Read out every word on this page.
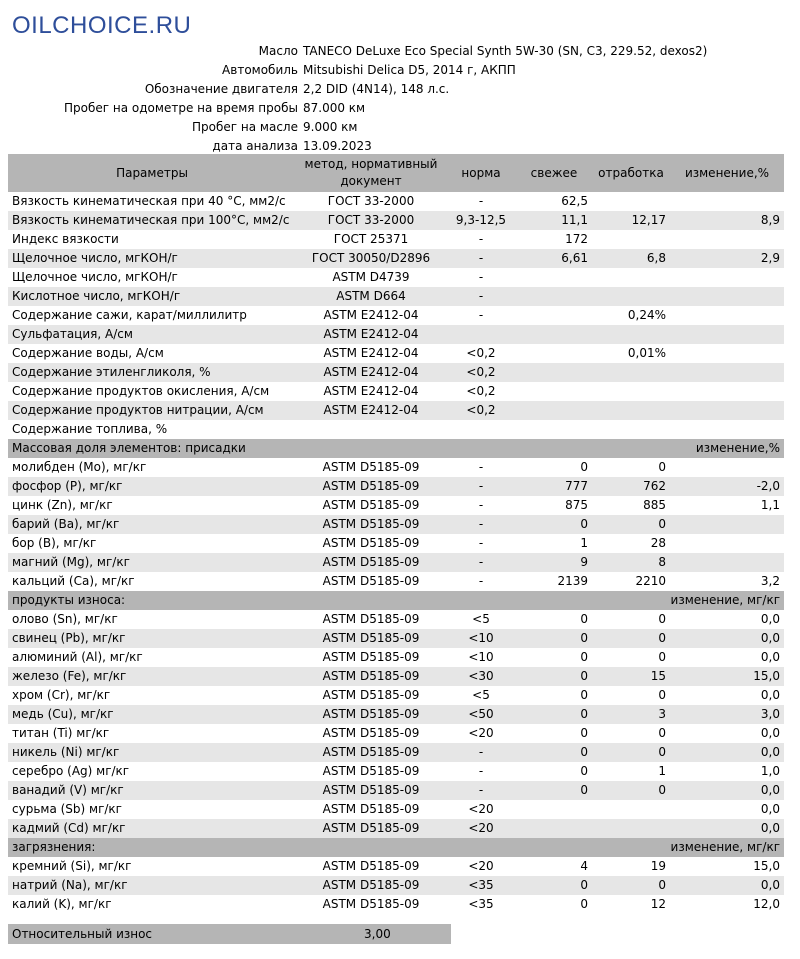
OILCHOICE.RU
Масло TANECO DeLuxe Eco Special Synth 5W-30 (SN, C3, 229.52, dexos2)
Автомобиль Mitsubishi Delica D5, 2014 г, АКПП
Обозначение двигателя 2,2 DID (4N14), 148 л.с.
Пробег на одометре на время пробы 87.000 км
Пробег на масле 9.000 км
дата анализа 13.09.2023
Параметры	метод, нормативный документ	норма	свежее	отработка	изменение,%
Вязкость кинематическая при 40 °C, мм2/с	ГОСТ 33-2000	-	62,5		
Вязкость кинематическая при 100°C, мм2/с	ГОСТ 33-2000	9,3-12,5	11,1	12,17	8,9
Индекс вязкости	ГОСТ 25371	-	172		
Щелочное число, мгКОН/г	ГОСТ 30050/D2896	-	6,61	6,8	2,9
Щелочное число, мгКОН/г	ASTM D4739	-			
Кислотное число, мгКОН/г	ASTM D664	-			
Содержание сажи, карат/миллилитр	ASTM E2412-04	-		0,24%	
Сульфатация, А/см	ASTM E2412-04				
Содержание воды, А/см	ASTM E2412-04	<0,2		0,01%	
Содержание этиленгликоля, %	ASTM E2412-04	<0,2			
Содержание продуктов окисления, А/см	ASTM E2412-04	<0,2			
Содержание продуктов нитрации, А/см	ASTM E2412-04	<0,2			
Содержание топлива, %					
Массовая доля элементов: присадки				изменение,%	
молибден (Mo), мг/кг	ASTM D5185-09	-	0	0	
фосфор (P), мг/кг	ASTM D5185-09	-	777	762	-2,0
цинк (Zn), мг/кг	ASTM D5185-09	-	875	885	1,1
барий (Ba), мг/кг	ASTM D5185-09	-	0	0	
бор (B), мг/кг	ASTM D5185-09	-	1	28	
магний (Mg), мг/кг	ASTM D5185-09	-	9	8	
кальций (Ca), мг/кг	ASTM D5185-09	-	2139	2210	3,2
продукты износа:				изменение, мг/кг	
олово (Sn), мг/кг	ASTM D5185-09	<5	0	0	0,0
свинец (Pb), мг/кг	ASTM D5185-09	<10	0	0	0,0
алюминий (Al), мг/кг	ASTM D5185-09	<10	0	0	0,0
железо (Fe), мг/кг	ASTM D5185-09	<30	0	15	15,0
хром (Cr), мг/кг	ASTM D5185-09	<5	0	0	0,0
медь (Cu), мг/кг	ASTM D5185-09	<50	0	3	3,0
титан (Ti) мг/кг	ASTM D5185-09	<20	0	0	0,0
никель (Ni) мг/кг	ASTM D5185-09	-	0	0	0,0
серебро (Ag) мг/кг	ASTM D5185-09	-	0	1	1,0
ванадий (V) мг/кг	ASTM D5185-09	-	0	0	0,0
сурьма (Sb) мг/кг	ASTM D5185-09	<20			0,0
кадмий (Cd) мг/кг	ASTM D5185-09	<20			0,0
загрязнения:				изменение, мг/кг	
кремний (Si), мг/кг	ASTM D5185-09	<20	4	19	15,0
натрий (Na), мг/кг	ASTM D5185-09	<35	0	0	0,0
калий (K), мг/кг	ASTM D5185-09	<35	0	12	12,0
Относительный износ	3,00
